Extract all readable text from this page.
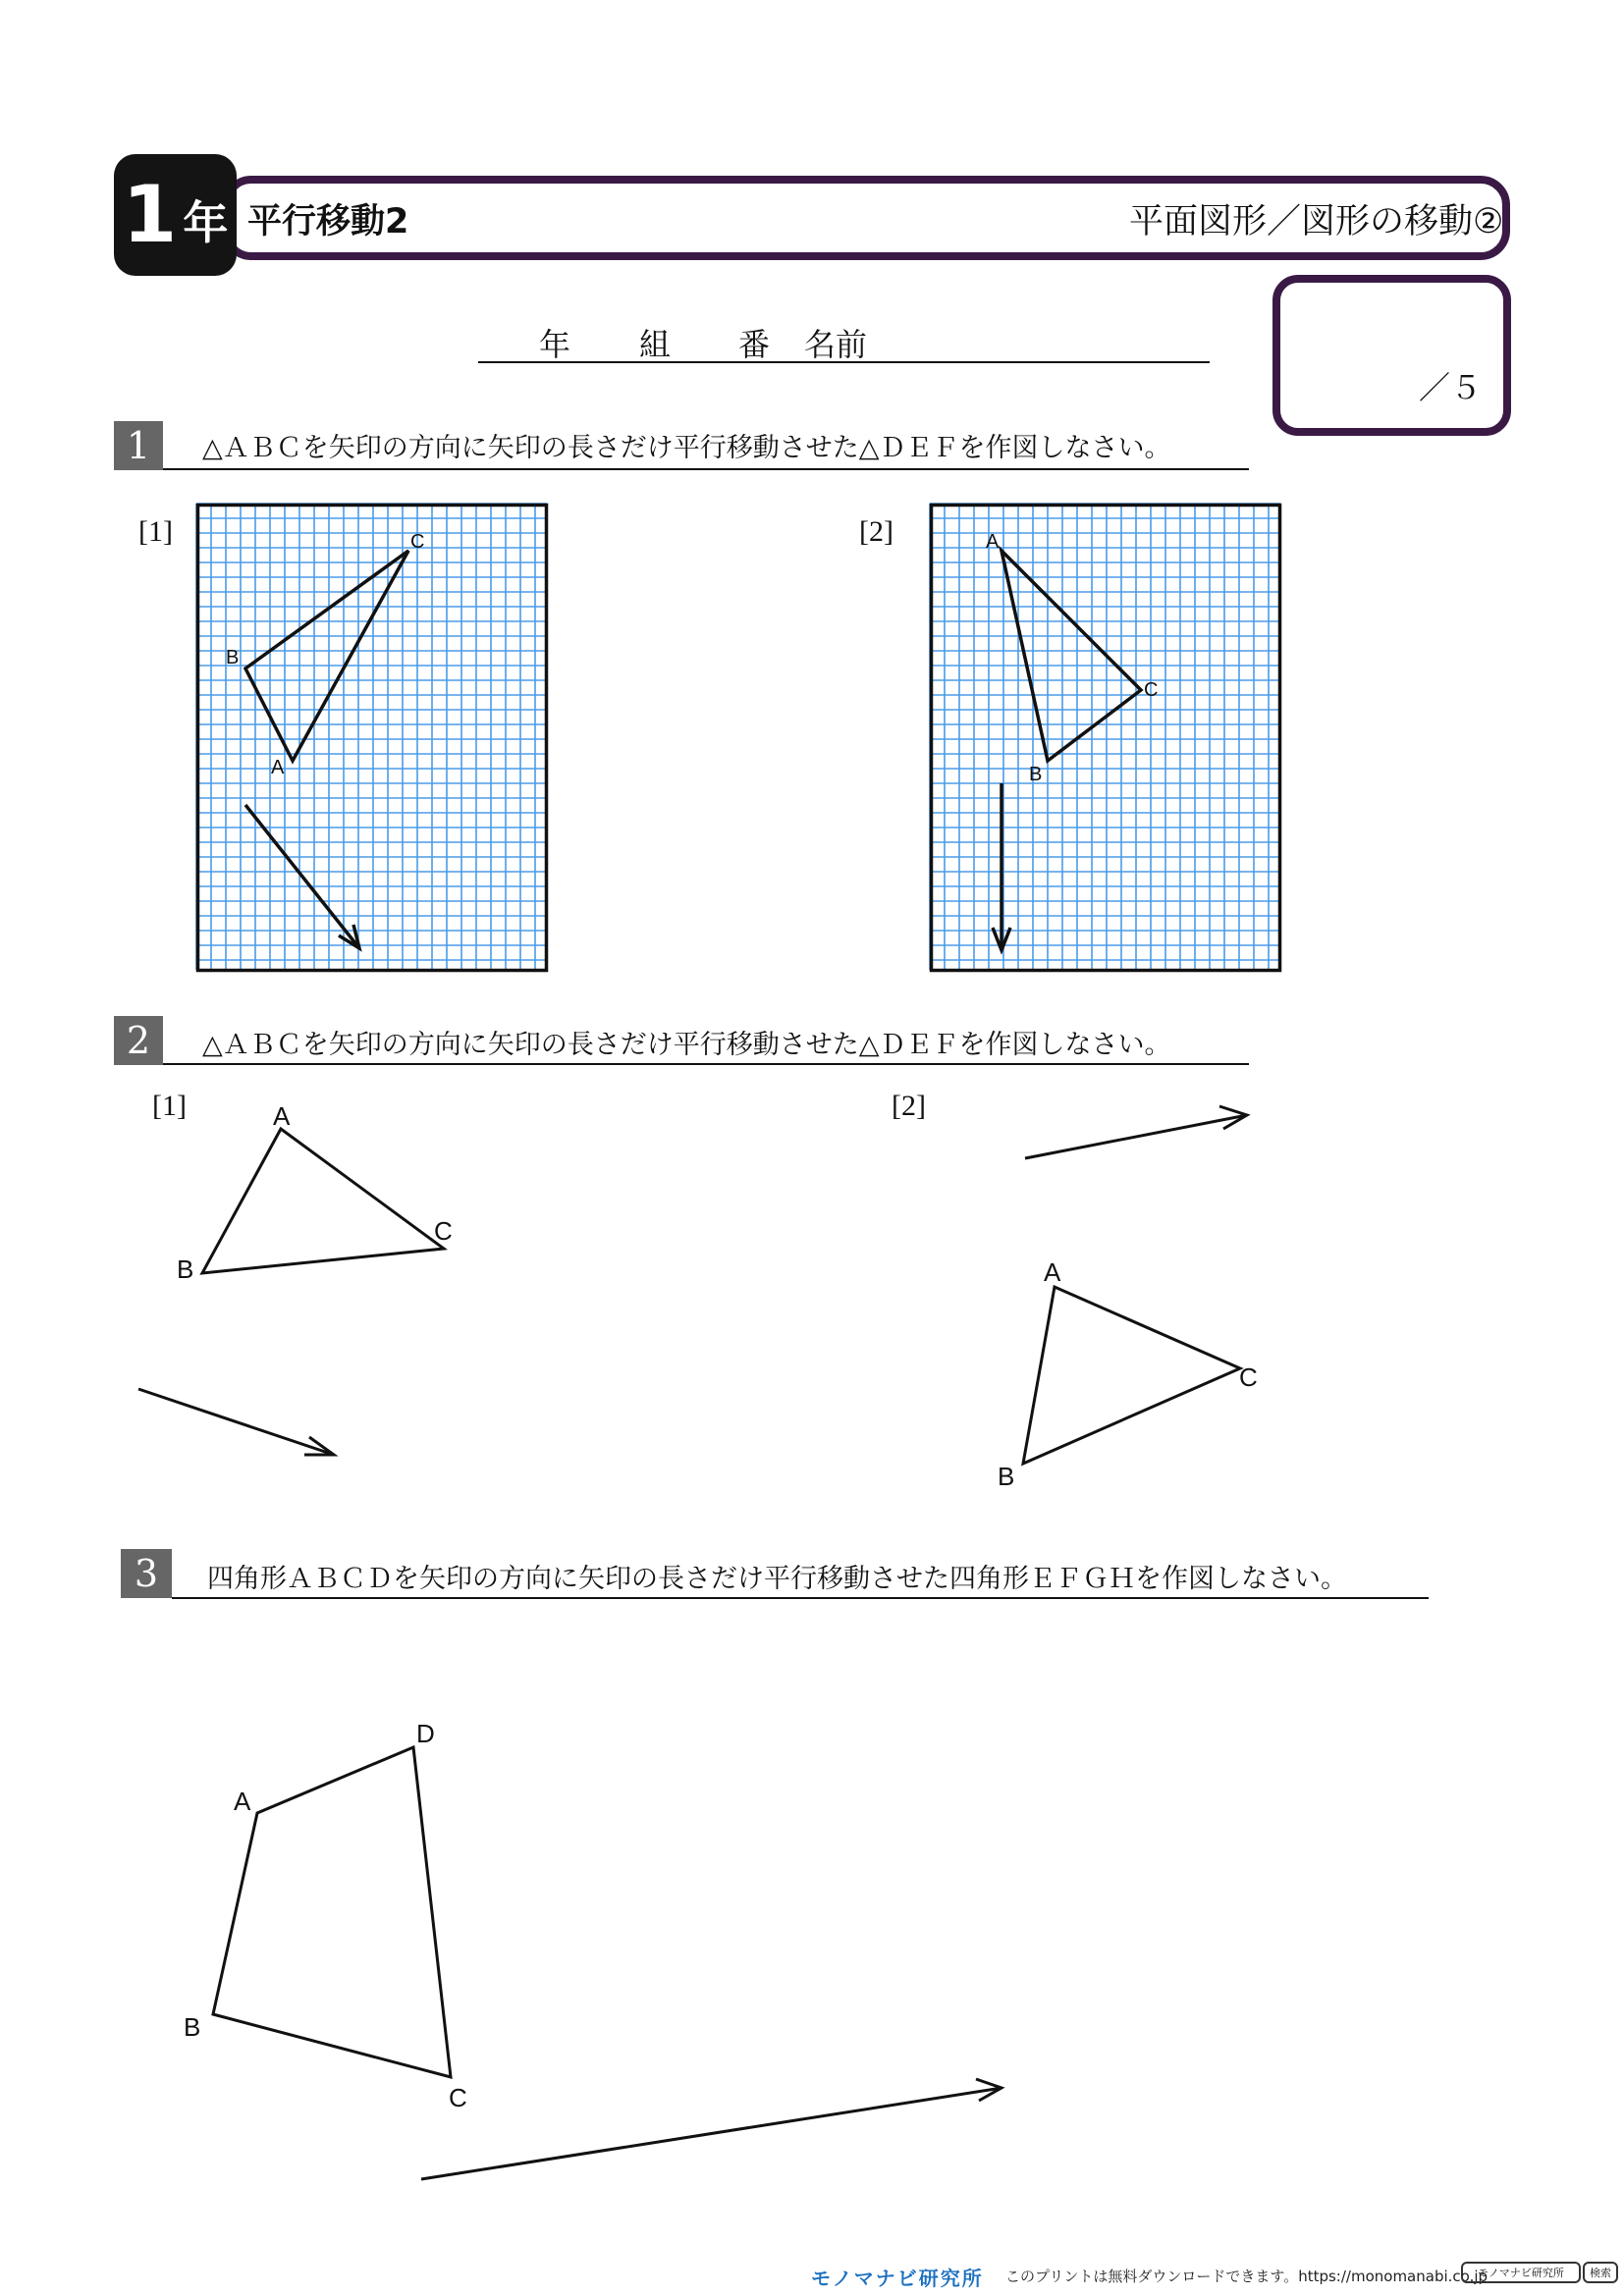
1 年 平行移動2	平面図形／図形の移動②
年 組 番 名前
／５
1	△ＡＢＣを矢印の方向に矢印の長さだけ平行移動させた△ＤＥＦを作図しなさい。
[1]	[2]
C
B
A
A
C
B
2	△ＡＢＣを矢印の方向に矢印の長さだけ平行移動させた△ＤＥＦを作図しなさい。
[1]	[2]
A
C
B	A
C
B
3	四角形ＡＢＣＤを矢印の方向に矢印の長さだけ平行移動させた四角形ＥＦＧＨを作図しなさい。
A
D
B
C
モノマナビ研究所 このプリントは無料ダウンロードできます。https://monomanabi.co.jp
モノマナビ研究所	検索
